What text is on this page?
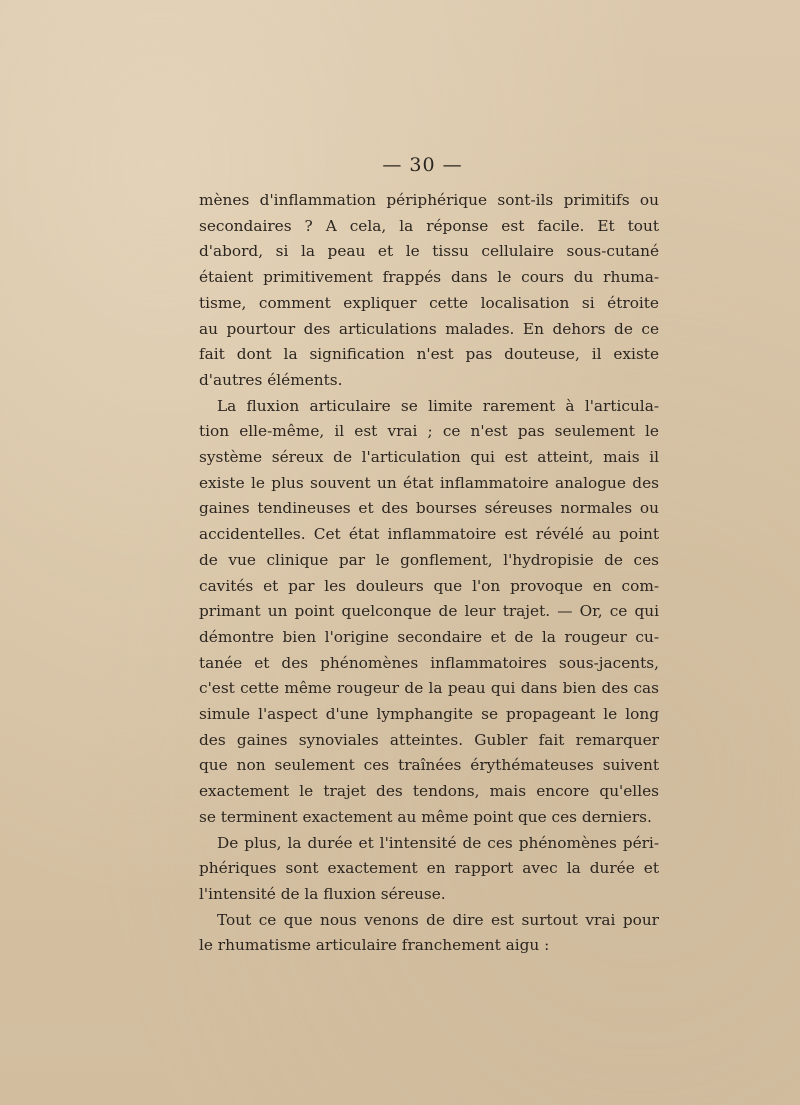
— 30 —
mènes d'inflammation périphérique sont-ils primitifs ou
secondaires ? A cela, la réponse est facile. Et tout
d'abord, si la peau et le tissu cellulaire sous-cutané
étaient primitivement frappés dans le cours du rhuma-
tisme, comment expliquer cette localisation si étroite
au pourtour des articulations malades. En dehors de ce
fait dont la signification n'est pas douteuse, il existe
d'autres éléments.
La fluxion articulaire se limite rarement à l'articula-
tion elle-même, il est vrai ; ce n'est pas seulement le
système séreux de l'articulation qui est atteint, mais il
existe le plus souvent un état inflammatoire analogue des
gaines tendineuses et des bourses séreuses normales ou
accidentelles. Cet état inflammatoire est révélé au point
de vue clinique par le gonflement, l'hydropisie de ces
cavités et par les douleurs que l'on provoque en com-
primant un point quelconque de leur trajet. — Or, ce qui
démontre bien l'origine secondaire et de la rougeur cu-
tanée et des phénomènes inflammatoires sous-jacents,
c'est cette même rougeur de la peau qui dans bien des cas
simule l'aspect d'une lymphangite se propageant le long
des gaines synoviales atteintes. Gubler fait remarquer
que non seulement ces traînées érythémateuses suivent
exactement le trajet des tendons, mais encore qu'elles
se terminent exactement au même point que ces derniers.
De plus, la durée et l'intensité de ces phénomènes péri-
phériques sont exactement en rapport avec la durée et
l'intensité de la fluxion séreuse.
Tout ce que nous venons de dire est surtout vrai pour
le rhumatisme articulaire franchement aigu :
